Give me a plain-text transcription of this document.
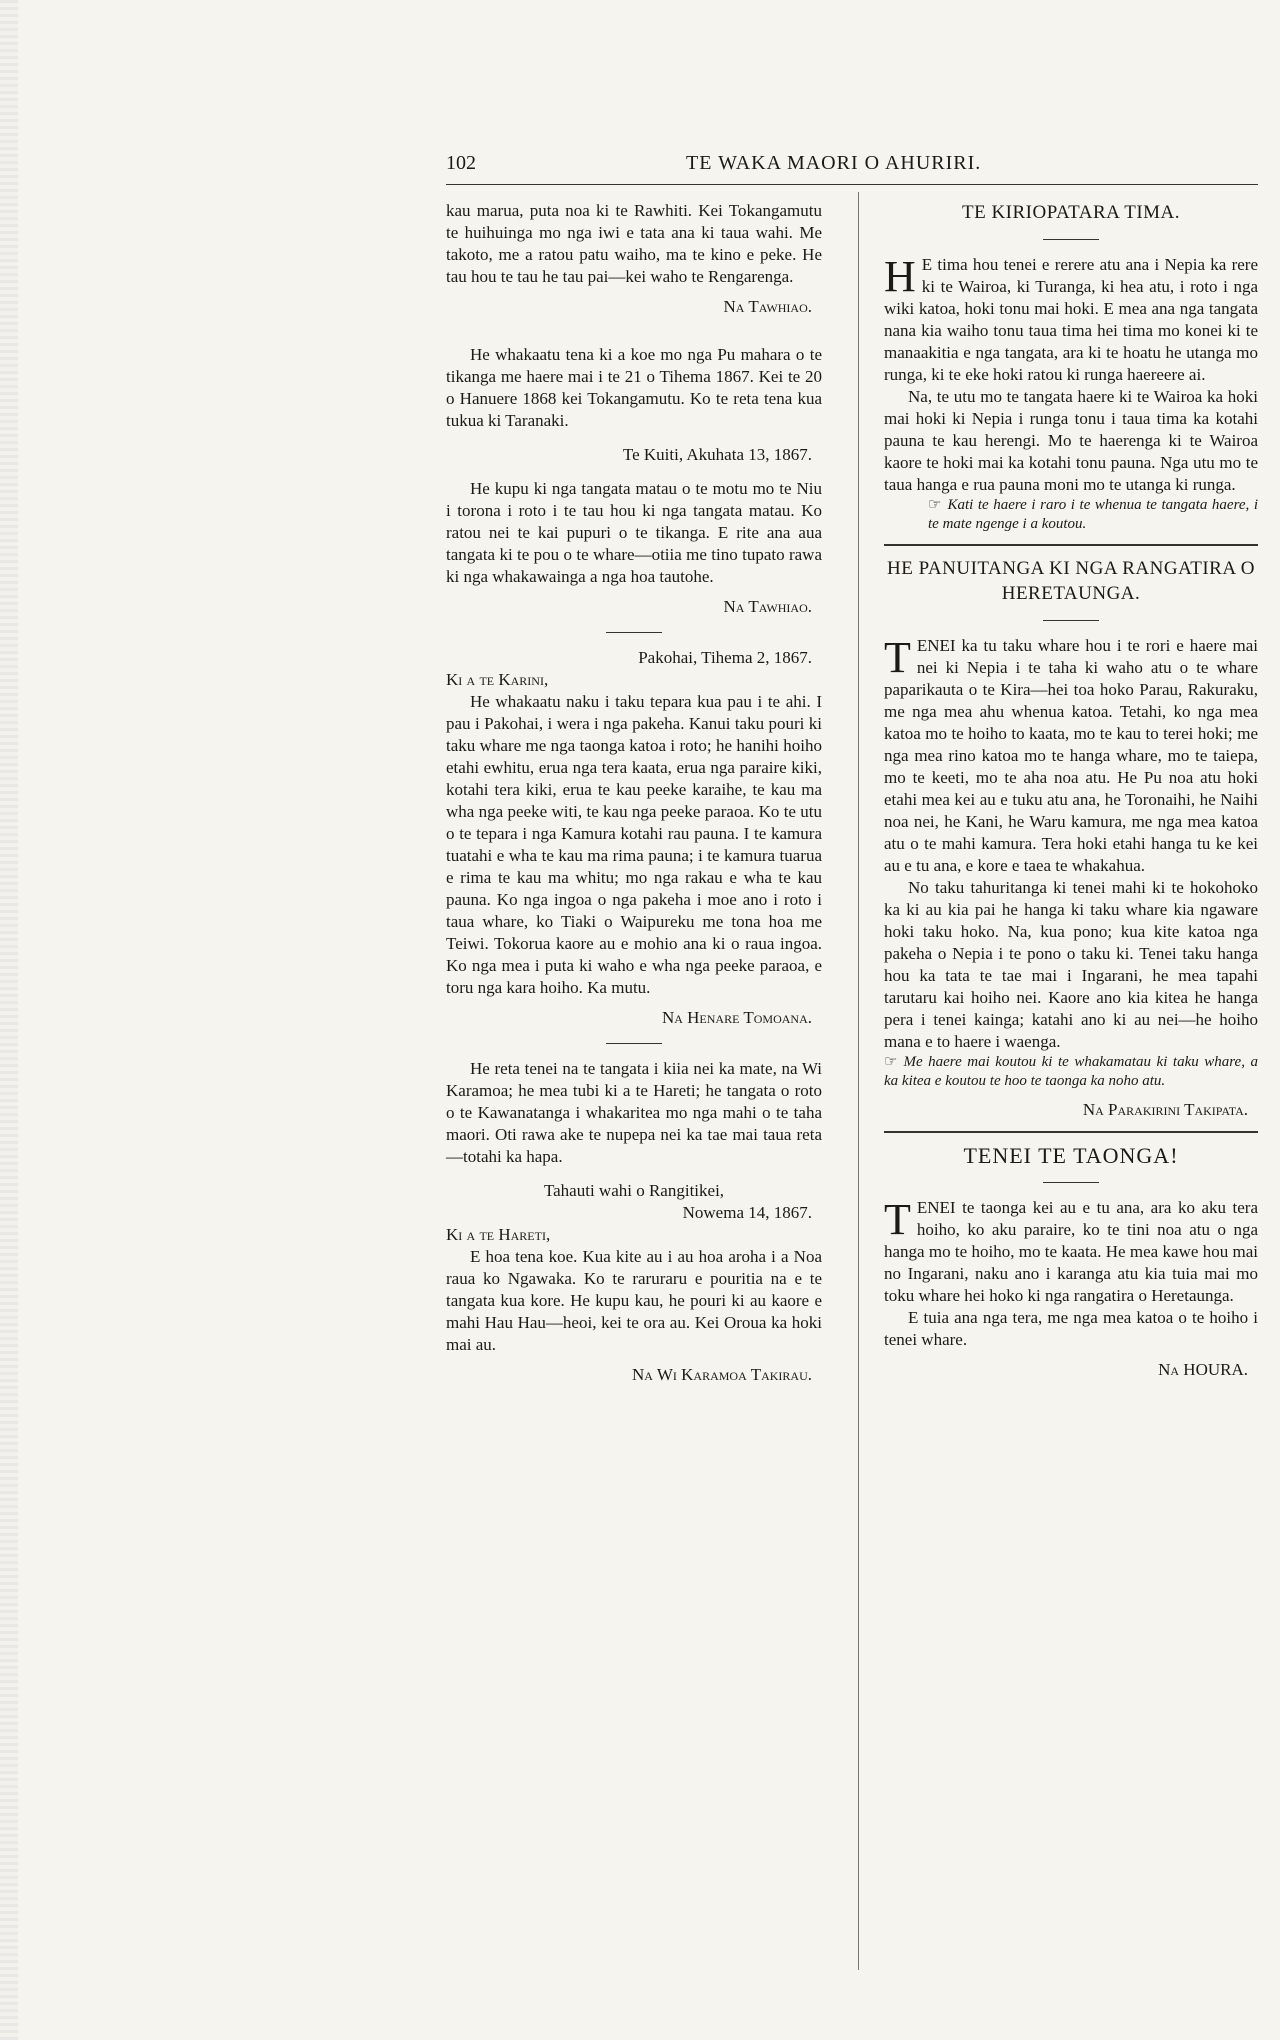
102	TE WAKA MAORI O AHURIRI.

kau marua, puta noa ki te Rawhiti. Kei Tokangamutu te huihuinga mo nga iwi e tata ana ki taua wahi. Me takoto, me a ratou patu waiho, ma te kino e peke. He tau hou te tau he tau pai—kei waho te Rengarenga.

Na Tawhiao.

He whakaatu tena ki a koe mo nga Pu mahara o te tikanga me haere mai i te 21 o Tihema 1867. Kei te 20 o Hanuere 1868 kei Tokangamutu. Ko te reta tena kua tukua ki Taranaki.

Te Kuiti, Akuhata 13, 1867.

He kupu ki nga tangata matau o te motu mo te Niu i torona i roto i te tau hou ki nga tangata matau. Ko ratou nei te kai pupuri o te tikanga. E rite ana aua tangata ki te pou o te whare—otiia me tino tupato rawa ki nga whakawainga a nga hoa tautohe.

Na Tawhiao.

Pakohai, Tihema 2, 1867.

Ki a te Karini,

He whakaatu naku i taku tepara kua pau i te ahi. I pau i Pakohai, i wera i nga pakeha. Kanui taku pouri ki taku whare me nga taonga katoa i roto; he hanihi hoiho etahi ewhitu, erua nga tera kaata, erua nga paraire kiki, kotahi tera kiki, erua te kau peeke karaihe, te kau ma wha nga peeke witi, te kau nga peeke paraoa. Ko te utu o te tepara i nga Kamura kotahi rau pauna. I te kamura tuatahi e wha te kau ma rima pauna; i te kamura tuarua e rima te kau ma whitu; mo nga rakau e wha te kau pauna. Ko nga ingoa o nga pakeha i moe ano i roto i taua whare, ko Tiaki o Waipureku me tona hoa me Teiwi. Tokorua kaore au e mohio ana ki o raua ingoa. Ko nga mea i puta ki waho e wha nga peeke paraoa, e toru nga kara hoiho. Ka mutu.

Na Henare Tomoana.

He reta tenei na te tangata i kiia nei ka mate, na Wi Karamoa; he mea tubi ki a te Hareti; he tangata o roto o te Kawanatanga i whakaritea mo nga mahi o te taha maori. Oti rawa ake te nupepa nei ka tae mai taua reta—totahi ka hapa.

Tahauti wahi o Rangitikei,

Nowema 14, 1867.

Ki a te Hareti,

E hoa tena koe. Kua kite au i au hoa aroha i a Noa raua ko Ngawaka. Ko te raruraru e pouritia na e te tangata kua kore. He kupu kau, he pouri ki au kaore e mahi Hau Hau—heoi, kei te ora au. Kei Oroua ka hoki mai au.

Na Wi Karamoa Takirau.

TE KIRIOPATARA TIMA.

H E tima hou tenei e rerere atu ana i Nepia ka rere ki te Wairoa, ki Turanga, ki hea atu, i roto i nga wiki katoa, hoki tonu mai hoki. E mea ana nga tangata nana kia waiho tonu taua tima hei tima mo konei ki te manaakitia e nga tangata, ara ki te hoatu he utanga mo runga, ki te eke hoki ratou ki runga haereere ai.

Na, te utu mo te tangata haere ki te Wairoa ka hoki mai hoki ki Nepia i runga tonu i taua tima ka kotahi pauna te kau herengi. Mo te haerenga ki te Wairoa kaore te hoki mai ka kotahi tonu pauna. Nga utu mo te taua hanga e rua pauna moni mo te utanga ki runga.

☞ Kati te haere i raro i te whenua te tangata haere, i te mate ngenge i a koutou.

HE PANUITANGA KI NGA RANGATIRA O HERETAUNGA.

TENEI ka tu taku whare hou i te rori e haere mai nei ki Nepia i te taha ki waho atu o te whare paparikauta o te Kira—hei toa hoko Parau, Rakuraku, me nga mea ahu whenua katoa. Tetahi, ko nga mea katoa mo te hoiho to kaata, mo te kau to terei hoki; me nga mea rino katoa mo te hanga whare, mo te taiepa, mo te keeti, mo te aha noa atu. He Pu noa atu hoki etahi mea kei au e tuku atu ana, he Toronaihi, he Naihi noa nei, he Kani, he Waru kamura, me nga mea katoa atu o te mahi kamura. Tera hoki etahi hanga tu ke kei au e tu ana, e kore e taea te whakahua.

No taku tahuritanga ki tenei mahi ki te hokohoko ka ki au kia pai he hanga ki taku whare kia ngaware hoki taku hoko. Na, kua pono; kua kite katoa nga pakeha o Nepia i te pono o taku ki. Tenei taku hanga hou ka tata te tae mai i Ingarani, he mea tapahi tarutaru kai hoiho nei. Kaore ano kia kitea he hanga pera i tenei kainga; katahi ano ki au nei—he hoiho mana e to haere i waenga.

☞ Me haere mai koutou ki te whakamatau ki taku whare, a ka kitea e koutou te hoo te taonga ka noho atu.

Na Parakirini Takipata.

TENEI TE TAONGA!

TENEI te taonga kei au e tu ana, ara ko aku tera hoiho, ko aku paraire, ko te tini noa atu o nga hanga mo te hoiho, mo te kaata. He mea kawe hou mai no Ingarani, naku ano i karanga atu kia tuia mai mo toku whare hei hoko ki nga rangatira o Heretaunga.

E tuia ana nga tera, me nga mea katoa o te hoiho i tenei whare.

Na HOURA.
